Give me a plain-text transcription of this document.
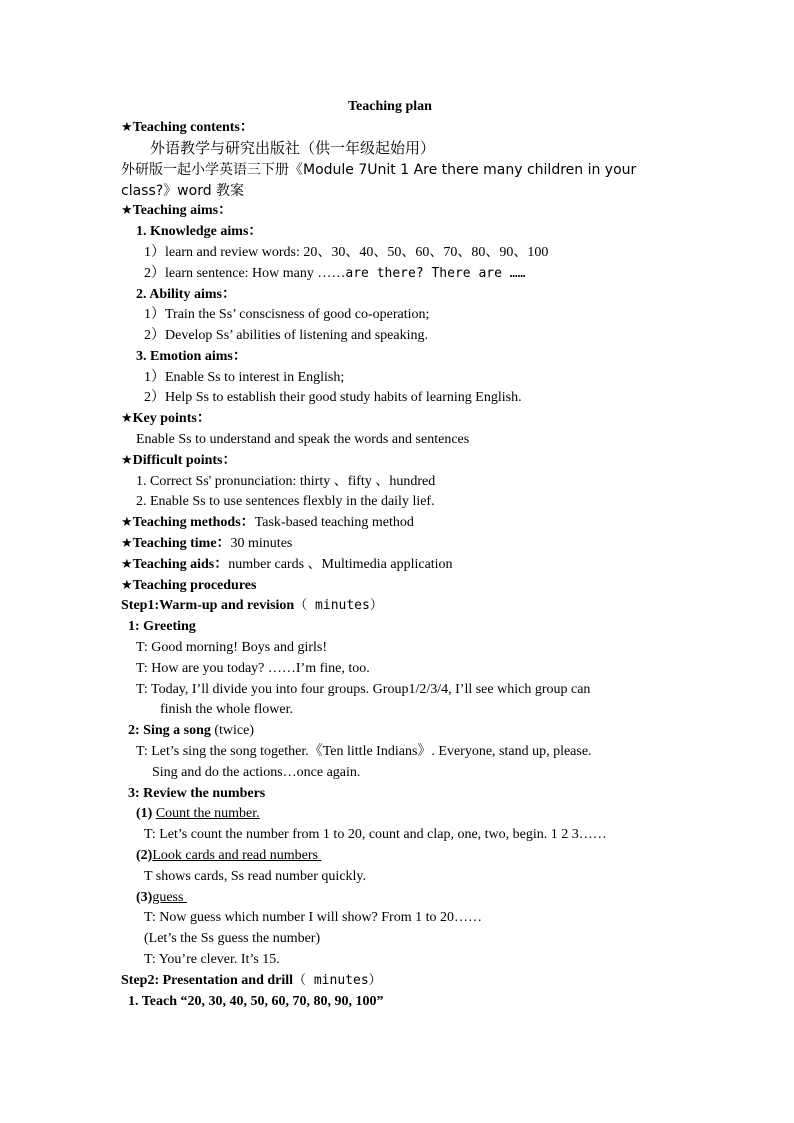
Teaching plan
★Teaching contents：
外语教学与研究出版社（供一年级起始用）
外研版一起小学英语三下册《Module 7Unit 1 Are there many children in your
class?》word 教案
★Teaching aims：
1. Knowledge aims：
1）learn and review words: 20、30、40、50、60、70、80、90、100
2）learn sentence: How many ……are there? There are ……
2. Ability aims：
1）Train the Ss’ conscisness of good co-operation;
2）Develop Ss’ abilities of listening and speaking.
3. Emotion aims：
1）Enable Ss to interest in English;
2）Help Ss to establish their good study habits of learning English.
★Key points：
Enable Ss to understand and speak the words and sentences
★Difficult points：
1. Correct Ss' pronunciation: thirty 、fifty 、hundred
2. Enable Ss to use sentences flexbly in the daily lief.
★Teaching methods：Task-based teaching method
★Teaching time：30 minutes
★Teaching aids：number cards 、Multimedia application
★Teaching procedures
Step1:Warm-up and revision（ minutes）
1: Greeting
T: Good morning! Boys and girls!
T: How are you today? ……I’m fine, too.
T: Today, I’ll divide you into four groups. Group1/2/3/4, I’ll see which group can
finish the whole flower.
2: Sing a song (twice)
T: Let’s sing the song together.《Ten little Indians》. Everyone, stand up, please.
Sing and do the actions…once again.
3: Review the numbers
(1) Count the number.
T: Let’s count the number from 1 to 20, count and clap, one, two, begin. 1 2 3……
(2)Look cards and read numbers
T shows cards, Ss read number quickly.
(3)guess
T: Now guess which number I will show? From 1 to 20……
(Let’s the Ss guess the number)
T: You’re clever. It’s 15.
Step2: Presentation and drill（ minutes）
1. Teach “20, 30, 40, 50, 60, 70, 80, 90, 100”
